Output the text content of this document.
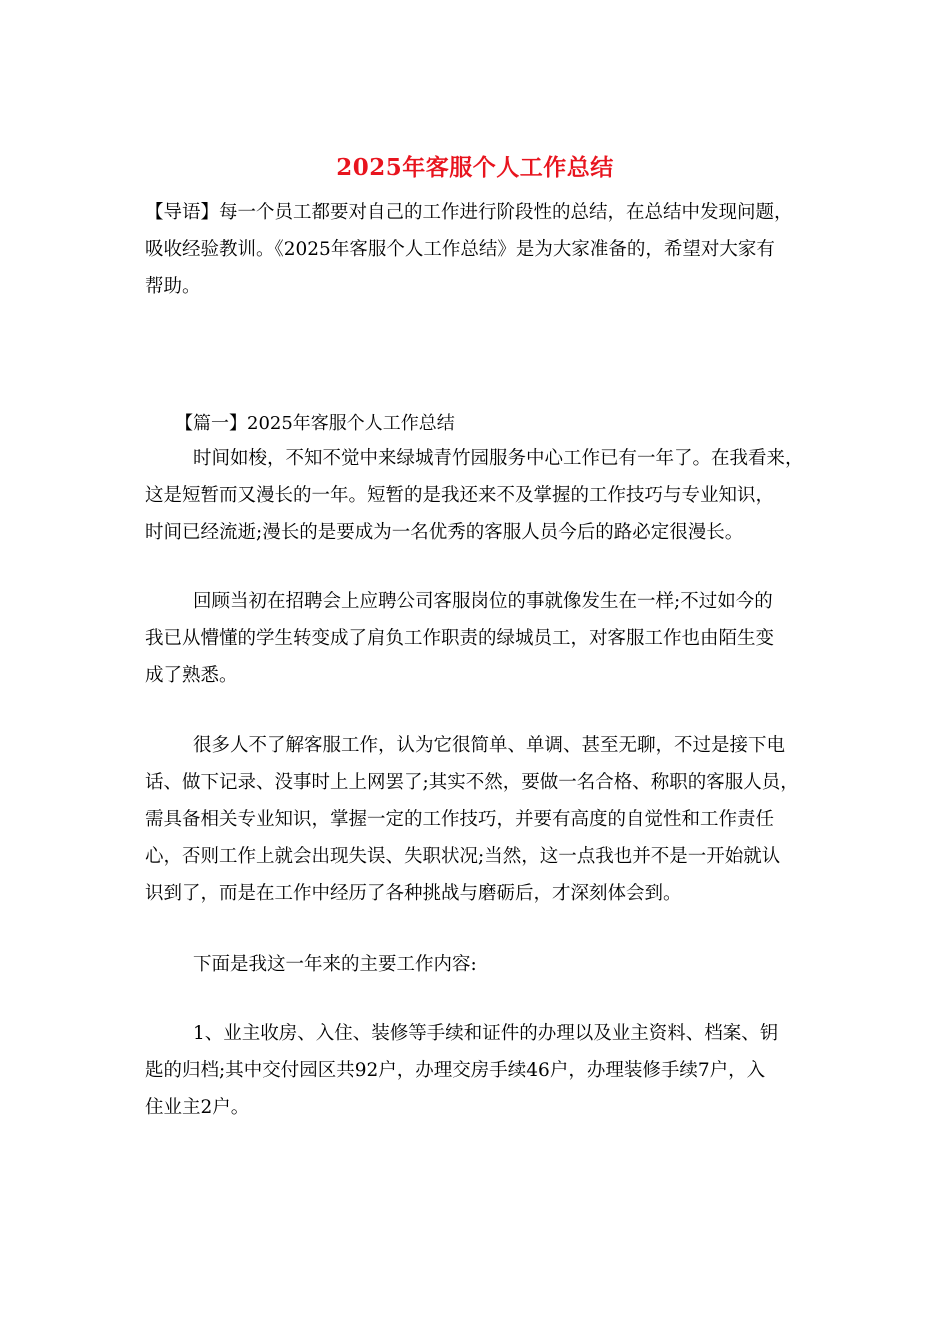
2025年客服个人工作总结
【导语】每一个员工都要对自己的工作进行阶段性的总结，在总结中发现问题，
吸收经验教训。《2025年客服个人工作总结》是为大家准备的，希望对大家有
帮助。
【篇一】2025年客服个人工作总结
时间如梭，不知不觉中来绿城青竹园服务中心工作已有一年了。在我看来，
这是短暂而又漫长的一年。短暂的是我还来不及掌握的工作技巧与专业知识，
时间已经流逝;漫长的是要成为一名优秀的客服人员今后的路必定很漫长。
回顾当初在招聘会上应聘公司客服岗位的事就像发生在一样;不过如今的
我已从懵懂的学生转变成了肩负工作职责的绿城员工，对客服工作也由陌生变
成了熟悉。
很多人不了解客服工作，认为它很简单、单调、甚至无聊，不过是接下电
话、做下记录、没事时上上网罢了;其实不然，要做一名合格、称职的客服人员，
需具备相关专业知识，掌握一定的工作技巧，并要有高度的自觉性和工作责任
心，否则工作上就会出现失误、失职状况;当然，这一点我也并不是一开始就认
识到了，而是在工作中经历了各种挑战与磨砺后，才深刻体会到。
下面是我这一年来的主要工作内容:
1、业主收房、入住、装修等手续和证件的办理以及业主资料、档案、钥
匙的归档;其中交付园区共92户，办理交房手续46户，办理装修手续7户，入
住业主2户。
